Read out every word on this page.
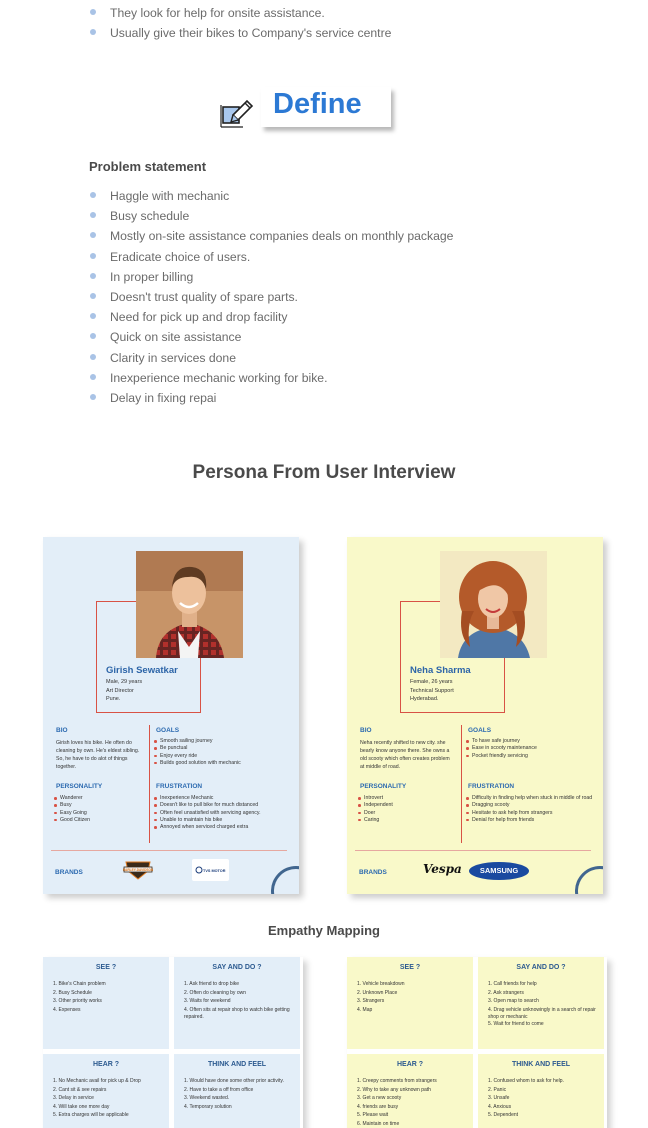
They look for help for onsite assistance.
Usually give their bikes to Company's service centre
Define
Problem statement
Haggle with mechanic
Busy schedule
Mostly on-site assistance companies deals on monthly package
Eradicate choice of users.
In proper billing
Doesn't trust quality of spare parts.
Need for pick up and drop facility
Quick on site assistance
Clarity in services done
Inexperience mechanic working for bike.
Delay in fixing repai
Persona From User Interview
Girish Sewatkar
Male, 29 years
Art Director
Pune.
BIO
Girish loves his bike. He often do cleaning by own. He's eldest sibling. So, he have to do alot of things together.
GOALS
Smooth sailing journey
Be punctual
Enjoy every ride
Builds good solution with mechanic
PERSONALITY
Wanderer
Busy
Easy Going
Good Citizen
FRUSTRATION
Inexperience Mechanic
Doesn't like to pull bike for much distanced
Often feel unsatisfied with servicing agency.
Unable to maintain his bike
Annoyed when serviced charged extra
BRANDS	HARLEY-DAVIDSON	TVS MOTOR
Neha Sharma
Female, 26 years
Technical Support
Hyderabad.
BIO
Neha recently shifted to new city. she bearly know anyone there. She owns a old scooty which often creates problem at middle of road.
GOALS
To have safe journey
Ease in scooty maintenance
Pocket friendly servicing
PERSONALITY
Introvert
Independent
Doer
Caring
FRUSTRATION
Difficulty in finding help when stuck in middle of road
Dragging scooty
Hesitate to ask help from strangers
Denial for help from friends
BRANDS	Vespa	SAMSUNG
Empathy Mapping
SEE ?
1. Bike's Chain problem
2. Busy Schedule
3. Other priority works
4. Expenses
SAY AND DO ?
1. Ask friend to drop bike
2. Often do cleaning by own
3. Waits for weekend
4. Often sits at repair shop to watch bike getting repaired.
HEAR ?
1. No Mechanic avail for pick up & Drop
2. Cant sit & see repairs
3. Delay in service
4. Will take one more day
5. Extra charges will be applicable
THINK AND FEEL
1. Would have done some other prior activity.
2. Have to take a off from office
3. Weekend wasted.
4. Temporary solution
SEE ?
1. Vehicle breakdown
2. Unknown Place
3. Strangers
4. Map
SAY AND DO ?
1. Call friends for help
2. Ask strangers
3. Open map to search
4. Drag vehicle unknowingly in a search of repair shop or mechanic
5. Wait for friend to come
HEAR ?
1. Creepy comments from strangers
2. Why to take any unknown path
3. Get a new scooty
4. friends are busy
5. Please wait
6. Maintain on time
THINK AND FEEL
1. Confused whom to ask for help.
2. Panic
3. Unsafe
4. Anxious
5. Dependent
